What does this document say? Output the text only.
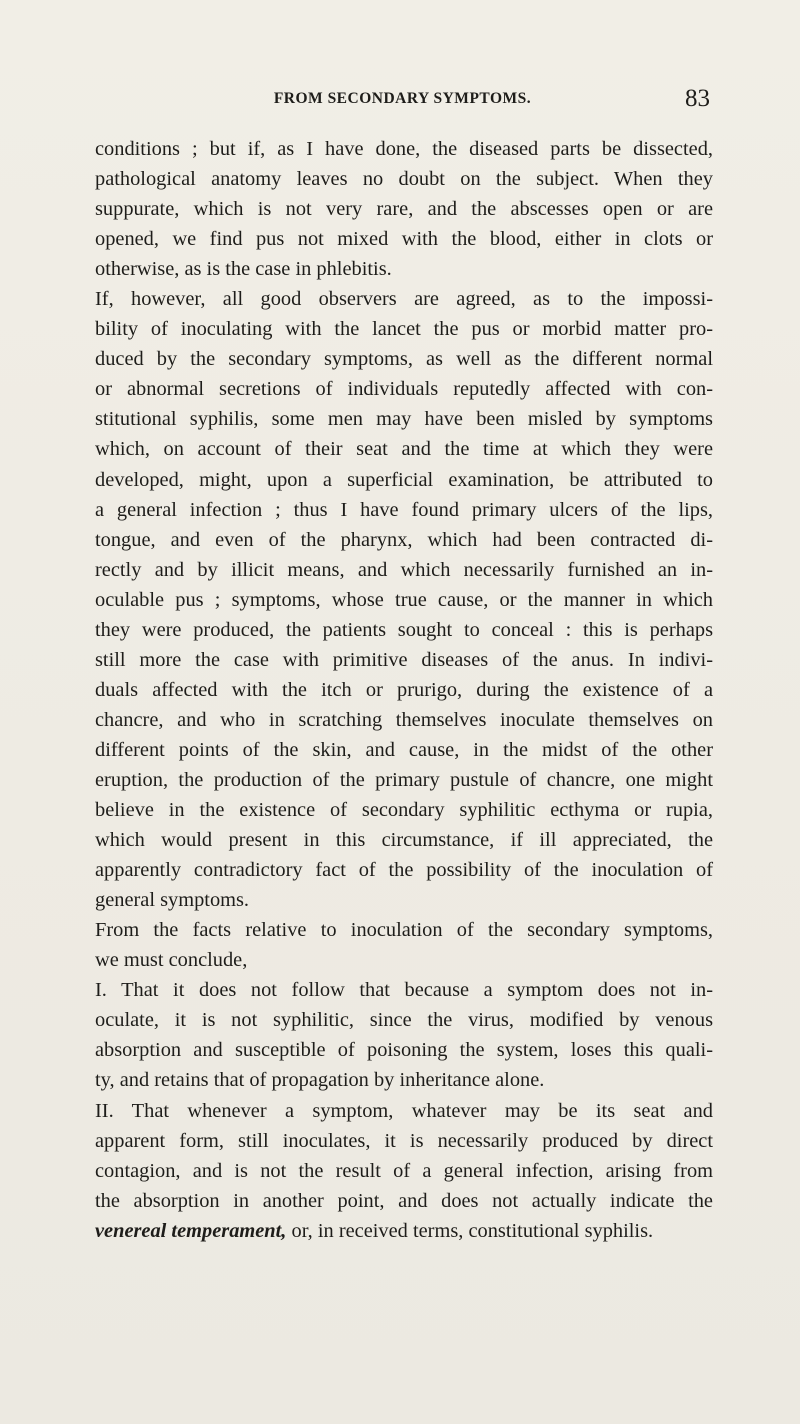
FROM SECONDARY SYMPTOMS.	83
conditions ; but if, as I have done, the diseased parts be dissected,
pathological anatomy leaves no doubt on the subject. When they
suppurate, which is not very rare, and the abscesses open or are
opened, we find pus not mixed with the blood, either in clots or
otherwise, as is the case in phlebitis.
If, however, all good observers are agreed, as to the impossi-
bility of inoculating with the lancet the pus or morbid matter pro-
duced by the secondary symptoms, as well as the different normal
or abnormal secretions of individuals reputedly affected with con-
stitutional syphilis, some men may have been misled by symptoms
which, on account of their seat and the time at which they were
developed, might, upon a superficial examination, be attributed to
a general infection ; thus I have found primary ulcers of the lips,
tongue, and even of the pharynx, which had been contracted di-
rectly and by illicit means, and which necessarily furnished an in-
oculable pus ; symptoms, whose true cause, or the manner in which
they were produced, the patients sought to conceal : this is perhaps
still more the case with primitive diseases of the anus. In indivi-
duals affected with the itch or prurigo, during the existence of a
chancre, and who in scratching themselves inoculate themselves on
different points of the skin, and cause, in the midst of the other
eruption, the production of the primary pustule of chancre, one might
believe in the existence of secondary syphilitic ecthyma or rupia,
which would present in this circumstance, if ill appreciated, the
apparently contradictory fact of the possibility of the inoculation of
general symptoms.
From the facts relative to inoculation of the secondary symptoms,
we must conclude,
I. That it does not follow that because a symptom does not in-
oculate, it is not syphilitic, since the virus, modified by venous
absorption and susceptible of poisoning the system, loses this quali-
ty, and retains that of propagation by inheritance alone.
II. That whenever a symptom, whatever may be its seat and
apparent form, still inoculates, it is necessarily produced by direct
contagion, and is not the result of a general infection, arising from
the absorption in another point, and does not actually indicate the
venereal temperament, or, in received terms, constitutional syphilis.
